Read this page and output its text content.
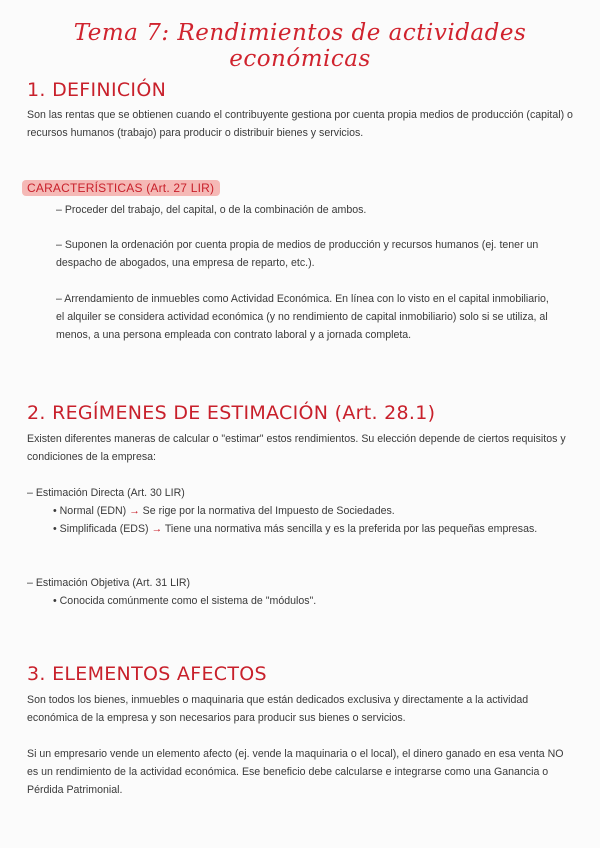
Tema 7: Rendimientos de actividades económicas
1. DEFINICIÓN
Son las rentas que se obtienen cuando el contribuyente gestiona por cuenta propia medios de producción (capital) o recursos humanos (trabajo) para producir o distribuir bienes y servicios.
CARACTERÍSTICAS (Art. 27 LIR)
– Proceder del trabajo, del capital, o de la combinación de ambos.
– Suponen la ordenación por cuenta propia de medios de producción y recursos humanos (ej. tener un despacho de abogados, una empresa de reparto, etc.).
– Arrendamiento de inmuebles como Actividad Económica. En línea con lo visto en el capital inmobiliario, el alquiler se considera actividad económica (y no rendimiento de capital inmobiliario) solo si se utiliza, al menos, a una persona empleada con contrato laboral y a jornada completa.
2. REGÍMENES DE ESTIMACIÓN (Art. 28.1)
Existen diferentes maneras de calcular o "estimar" estos rendimientos. Su elección depende de ciertos requisitos y condiciones de la empresa:
– Estimación Directa (Art. 30 LIR)
• Normal (EDN) → Se rige por la normativa del Impuesto de Sociedades.
• Simplificada (EDS) → Tiene una normativa más sencilla y es la preferida por las pequeñas empresas.
– Estimación Objetiva (Art. 31 LIR)
• Conocida comúnmente como el sistema de "módulos".
3. ELEMENTOS AFECTOS
Son todos los bienes, inmuebles o maquinaria que están dedicados exclusiva y directamente a la actividad económica de la empresa y son necesarios para producir sus bienes o servicios.
Si un empresario vende un elemento afecto (ej. vende la maquinaria o el local), el dinero ganado en esa venta NO es un rendimiento de la actividad económica. Ese beneficio debe calcularse e integrarse como una Ganancia o Pérdida Patrimonial.
